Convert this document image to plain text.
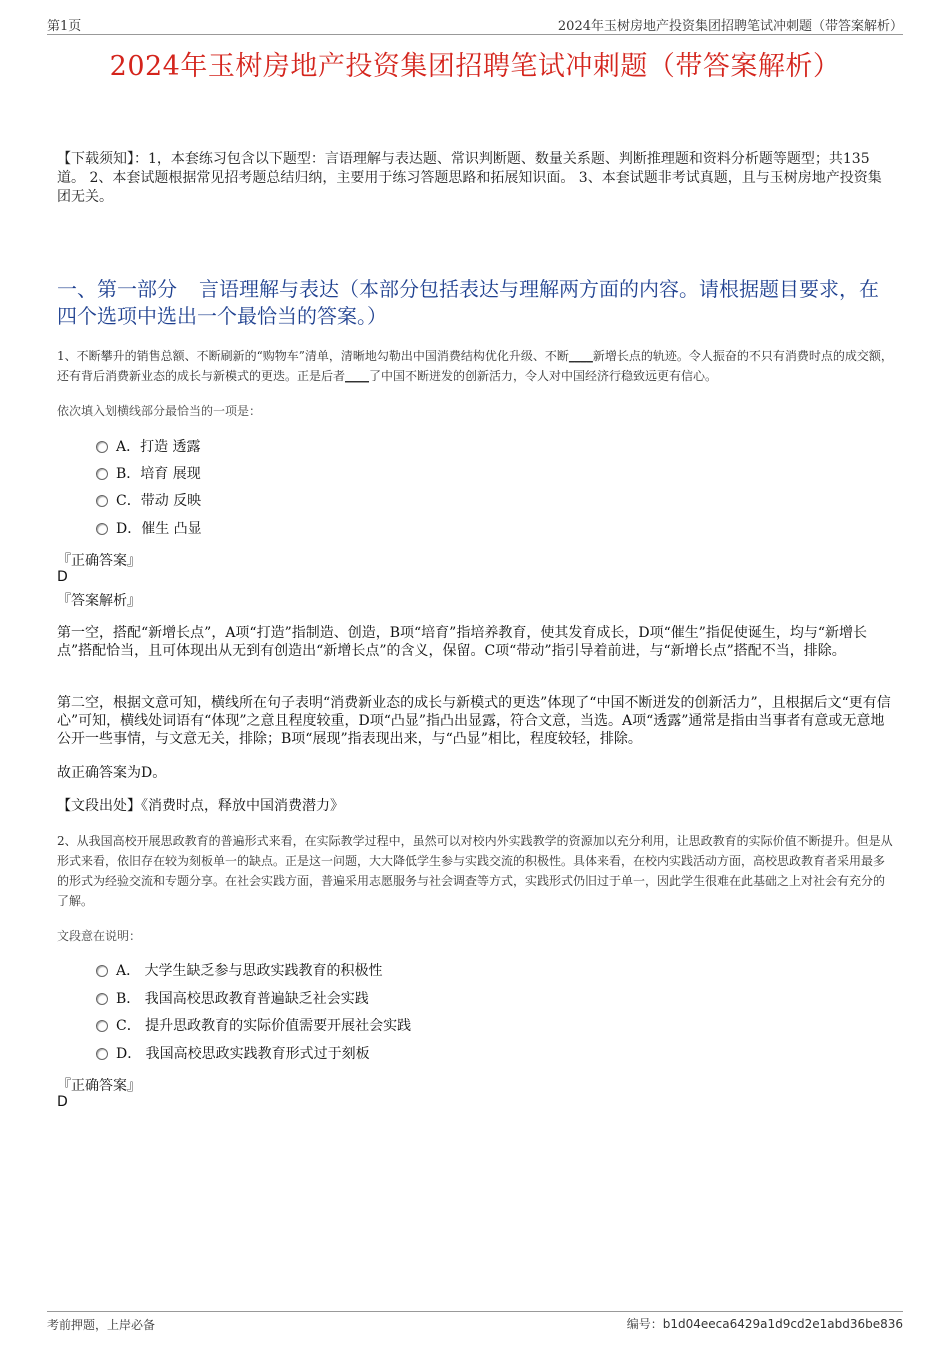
第1页	2024年玉树房地产投资集团招聘笔试冲刺题（带答案解析）
2024年玉树房地产投资集团招聘笔试冲刺题（带答案解析）
【下载须知】：1，本套练习包含以下题型：言语理解与表达题、常识判断题、数量关系题、判断推理题和资料分析题等题型；共135道。 2、本套试题根据常见招考题总结归纳，主要用于练习答题思路和拓展知识面。 3、本套试题非考试真题，且与玉树房地产投资集团无关。
一、第一部分 言语理解与表达（本部分包括表达与理解两方面的内容。请根据题目要求，在四个选项中选出一个最恰当的答案。）
1、不断攀升的销售总额、不断刷新的“购物车”清单，清晰地勾勒出中国消费结构优化升级、不断____新增长点的轨迹。令人振奋的不只有消费时点的成交额，还有背后消费新业态的成长与新模式的更迭。正是后者____了中国不断迸发的创新活力，令人对中国经济行稳致远更有信心。
依次填入划横线部分最恰当的一项是：
A．打造 透露
B．培育 展现
C．带动 反映
D．催生 凸显
『正确答案』
D
『答案解析』
第一空，搭配“新增长点”，A项“打造”指制造、创造，B项“培育”指培养教育，使其发育成长，D项“催生”指促使诞生，均与“新增长点”搭配恰当，且可体现出从无到有创造出“新增长点”的含义，保留。C项“带动”指引导着前进，与“新增长点”搭配不当，排除。
第二空，根据文意可知，横线所在句子表明“消费新业态的成长与新模式的更迭”体现了“中国不断迸发的创新活力”，且根据后文“更有信心”可知，横线处词语有“体现”之意且程度较重，D项“凸显”指凸出显露，符合文意，当选。A项“透露”通常是指由当事者有意或无意地公开一些事情，与文意无关，排除；B项“展现”指表现出来，与“凸显”相比，程度较轻，排除。
故正确答案为D。
【文段出处】《消费时点，释放中国消费潜力》
2、从我国高校开展思政教育的普遍形式来看，在实际教学过程中，虽然可以对校内外实践教学的资源加以充分利用，让思政教育的实际价值不断提升。但是从形式来看，依旧存在较为刻板单一的缺点。正是这一问题，大大降低学生参与实践交流的积极性。具体来看，在校内实践活动方面，高校思政教育者采用最多的形式为经验交流和专题分享。在社会实践方面，普遍采用志愿服务与社会调查等方式，实践形式仍旧过于单一，因此学生很难在此基础之上对社会有充分的了解。
文段意在说明：
A． 大学生缺乏参与思政实践教育的积极性
B． 我国高校思政教育普遍缺乏社会实践
C． 提升思政教育的实际价值需要开展社会实践
D． 我国高校思政实践教育形式过于刻板
『正确答案』
D
考前押题，上岸必备	编号：b1d04eeca6429a1d9cd2e1abd36be836
